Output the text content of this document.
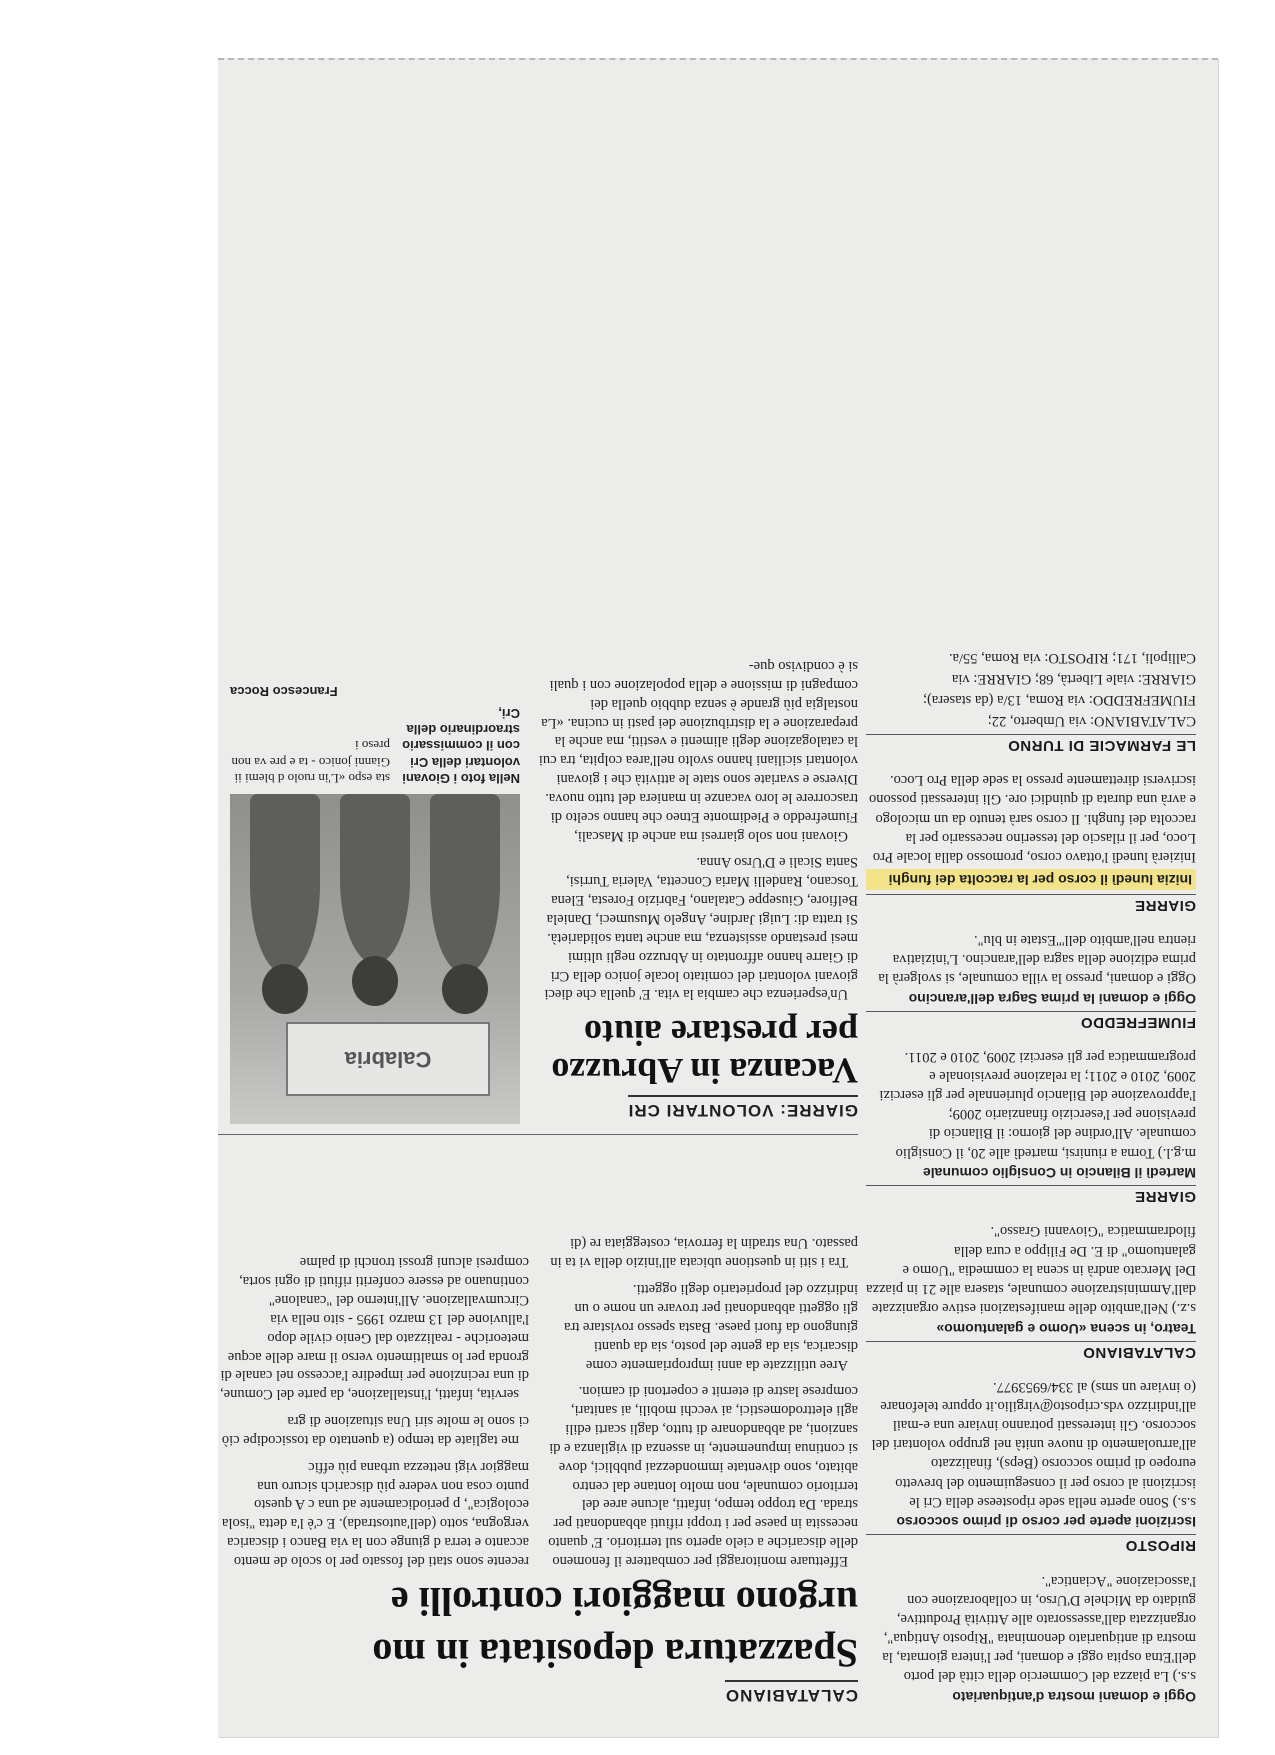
Oggi e domani mostra d'antiquariato

s.s.) La piazza del Commercio della città del porto dell'Etna ospita oggi e domani, per l'intera giornata, la mostra di antiquariato denominata "Riposto Antiqua", organizzata dall'assessorato alle Attività Produttive, guidato da Michele D'Urso, in collaborazione con l'associazione "Aciantica".

RIPOSTO
Iscrizioni aperte per corso di primo soccorso

s.s.) Sono aperte nella sede riposteese della Cri le iscrizioni al corso per il conseguimento del brevetto europeo di primo soccorso (Beps), finalizzato all'arruolamento di nuove unità nel gruppo volontari del soccorso. Gli interessati potranno inviare una e-mail all'indirizzo vds.criposto@virgilio.it oppure telefonare (o inviare un sms) al 334/6953977.

CALATABIANO
Teatro, in scena «Uomo e galantuomo»

s.z.) Nell'ambito delle manifestazioni estive organizzate dall'Amministrazione comunale, stasera alle 21 in piazza Del Mercato andrà in scena la commedia "Uomo e galantuomo" di E. De Filippo a cura della filodrammatica "Giovanni Grasso".

GIARRE
Martedì il Bilancio in Consiglio comunale

m.g.l.) Torna a riunirsi, martedì alle 20, il Consiglio comunale. All'ordine del giorno: il Bilancio di previsione per l'esercizio finanziario 2009; l'approvazione del Bilancio pluriennale per gli esercizi 2009, 2010 e 2011; la relazione previsionale e programmatica per gli esercizi 2009, 2010 e 2011.

FIUMEFREDDO
Oggi e domani la prima Sagra dell'arancino

Oggi e domani, presso la villa comunale, si svolgerà la prima edizione della sagra dell'arancino. L'iniziativa rientra nell'ambito dell'"Estate in blu".

GIARRE
Inizia lunedì il corso per la raccolta dei funghi

Inizierà lunedì l'ottavo corso, promosso dalla locale Pro Loco, per il rilascio del tesserino necessario per la raccolta dei funghi. Il corso sarà tenuto da un micologo e avrà una durata di quindici ore. Gli interessati possono iscriversi direttamente presso la sede della Pro Loco.

LE FARMACIE DI TURNO

CALATABIANO: via Umberto, 22;

FIUMEFREDDO: via Roma, 13/a (da stasera);

GIARRE: viale Libertà, 68; GIARRE: via

Callipoli, 171; RIPOSTO: via Roma, 55/a.

CALATABIANO
Spazzatura depositata in mo
urgono maggiori controlli e

Effettuare monitoraggi per combattere il fenomeno delle discariche a cielo aperto sul territorio. E' quanto necessita in paese per i troppi rifiuti abbandonati per strada. Da troppo tempo, infatti, alcune aree del territorio comunale, non molto lontane dal centro abitato, sono diventate immondezzai pubblici, dove si continua impunemente, in assenza di vigilanza e di sanzioni, ad abbandonare di tutto, dagli scarti edili agli elettrodomestici, ai vecchi mobili, ai sanitari, comprese lastre di eternit e copertoni di camion.

Aree utilizzate da anni impropriamente come discarica, sia da gente del posto, sia da quanti giungono da fuori paese. Basta spesso rovistare tra gli oggetti abbandonati per trovare un nome o un indirizzo del proprietario degli oggetti.

Tra i siti in questione ubicata all'inizio della vi ta in passato. Una stradin la ferrovia, costeggiata re (di recente sono stati del fossato per lo scolo de mento accanto e terra d giunge con la via Banco i discarica vergogna, sotto (dell'autostrada). E c'è l'a detta "isola ecologica", p periodicamente ad una c A questo punto cosa non vedere più discarich sicuro una maggior vigi nettezza urbana più effic

me tagliate da tempo (a quentato da tossicodipe ciò ci sono le molte siri Una situazione di gra

servita, infatti, l'installazione, da parte del Comune, di una recinzione per impedire l'accesso nel canale di gronda per lo smaltimento verso il mare delle acque meteoriche - realizzato dal Genio civile dopo l'alluvione del 13 marzo 1995 - sito nella via Circumvallazione. All'interno del "canalone" continuano ad essere conferiti rifiuti di ogni sorta, compresi alcuni grossi tronchi di palme

GIARRE: VOLONTARI CRI
Vacanza in Abruzzo per prestare aiuto

Un'esperienza che cambia la vita. E' quella che dieci giovani volontari del comitato locale jonico della Cri di Giarre hanno affrontato in Abruzzo negli ultimi mesi prestando assistenza, ma anche tanta solidarietà. Si tratta di: Luigi Jardine, Angelo Musumeci, Daniela Belfiore, Giuseppe Catalano, Fabrizio Foresta, Elena Toscano, Randelli Maria Concetta, Valeria Turrisi, Santa Sicali e D'Urso Anna.

Giovani non solo giarresi ma anche di Mascali, Fiumefreddo e Piedimonte Etneo che hanno scelto di trascorrere le loro vacanze in maniera del tutto nuova. Diverse e svariate sono state le attività che i giovani volontari siciliani hanno svolto nell'area colpita, tra cui la catalogazione degli alimenti e vestiti, ma anche la preparazione e la distribuzione dei pasti in cucina. «La nostalgia più grande è senza dubbio quella dei compagni di missione e della popolazione con i quali si è condiviso que-

Calabria
Nella foto i Giovani volontari della Cri con il commissario straordinario della Cri,
sta espo «L'in ruolo d blemi ii Gianni jonico - ta e pre va non preso i
Francesco Rocca
